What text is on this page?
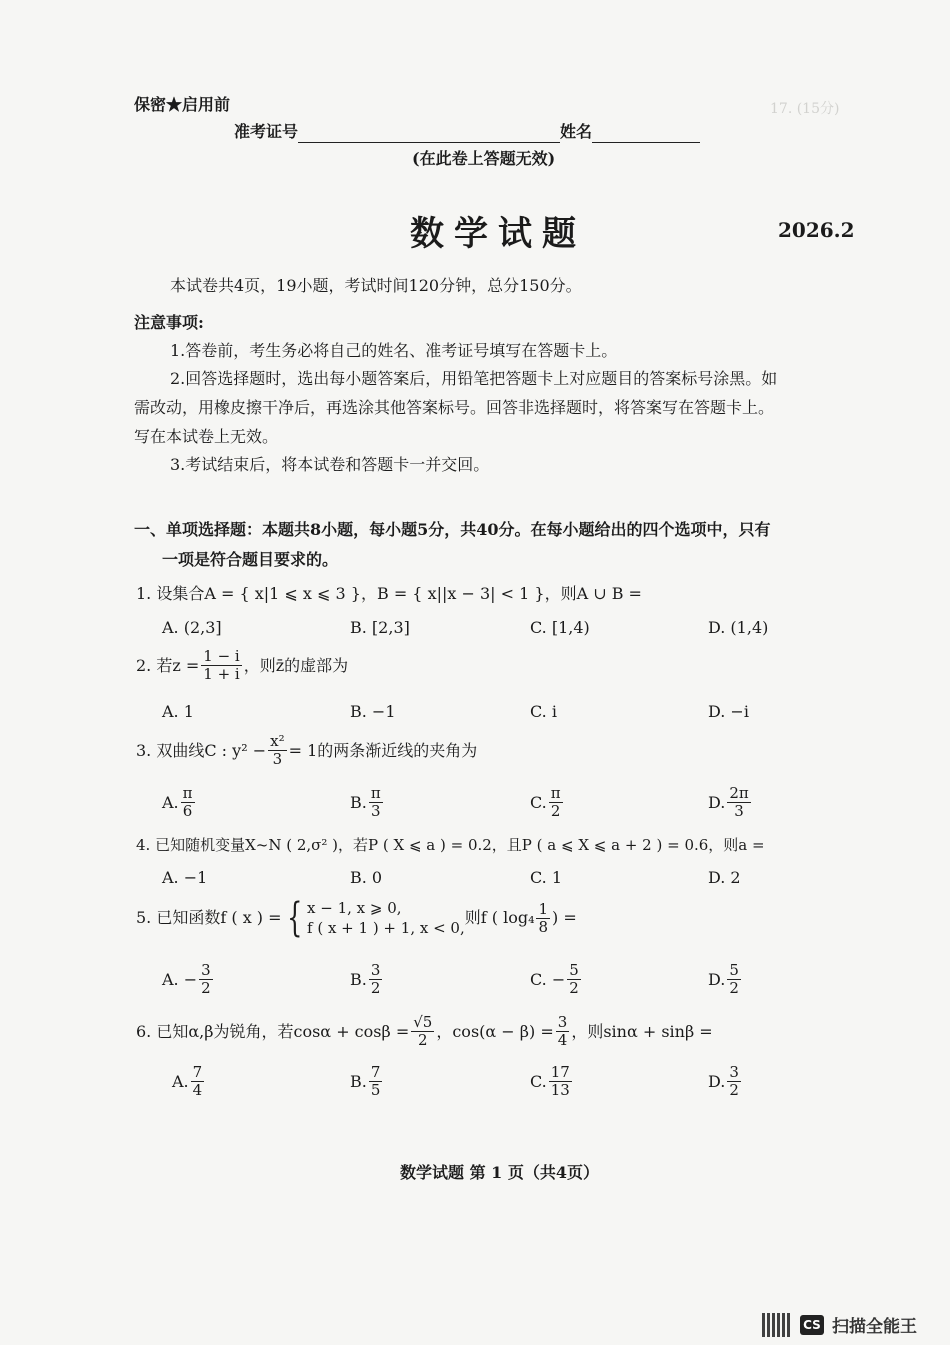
17. (15分)
保密★启用前
准考证号	姓名
(在此卷上答题无效)
数学试题	2026.2
本试卷共4页，19小题，考试时间120分钟，总分150分。
注意事项:
1.答卷前，考生务必将自己的姓名、准考证号填写在答题卡上。
2.回答选择题时，选出每小题答案后，用铅笔把答题卡上对应题目的答案标号涂黑。如
需改动，用橡皮擦干净后，再选涂其他答案标号。回答非选择题时，将答案写在答题卡上。
写在本试卷上无效。
3.考试结束后，将本试卷和答题卡一并交回。
一、单项选择题：本题共8小题，每小题5分，共40分。在每小题给出的四个选项中，只有
一项是符合题目要求的。
1. 设集合A = { x|1 ⩽ x ⩽ 3 }，B = { x||x − 3| < 1 }，则A ∪ B =
A. (2,3]	B. [2,3]	C. [1,4)	D. (1,4)
2. 若$z = \frac{1 - i}{1 + i}$ ，则z̄的虚部为
A. 1	B. −1	C. i	D. −i
3. 双曲线C : $y^2 - \frac{\text{x²}}{3} = 1$的两条渐近线的夹角为
A. $\frac{\pi}{6}$	B. $\frac{\pi}{3}$	C. $\frac{\pi}{2}$	D. $\frac{2\pi}{3}$
4. 已知随机变量X~N ( 2,σ² )，若P ( X ⩽ a ) = 0.2，且P ( a ⩽ X ⩽ a + 2 ) = 0.6，则a =
A. −1	B. 0	C. 1	D. 2
5. 已知函数f ( x ) = { x − 1, x ⩾ 0,
f ( x + 1 ) + 1, x < 0,
则f ( $\log_4 \frac{1}{8}$ ) =
A. − $\frac{3}{2}$	B. $\frac{3}{2}$	C. − $\frac{5}{2}$	D. $\frac{5}{2}$
6. 已知α,β为锐角，若$\cos\alpha + \cos\beta = \frac{√5}{2}$ ，$\cos(\alpha - \beta) = \frac{3}{4}$ ，则sinα + sinβ =
A. $\frac{7}{4}$	B. $\frac{7}{5}$	C. $\frac{17}{13}$	D. $\frac{3}{2}$
数学试题 第 1 页（共4页）
CS 扫描全能王
